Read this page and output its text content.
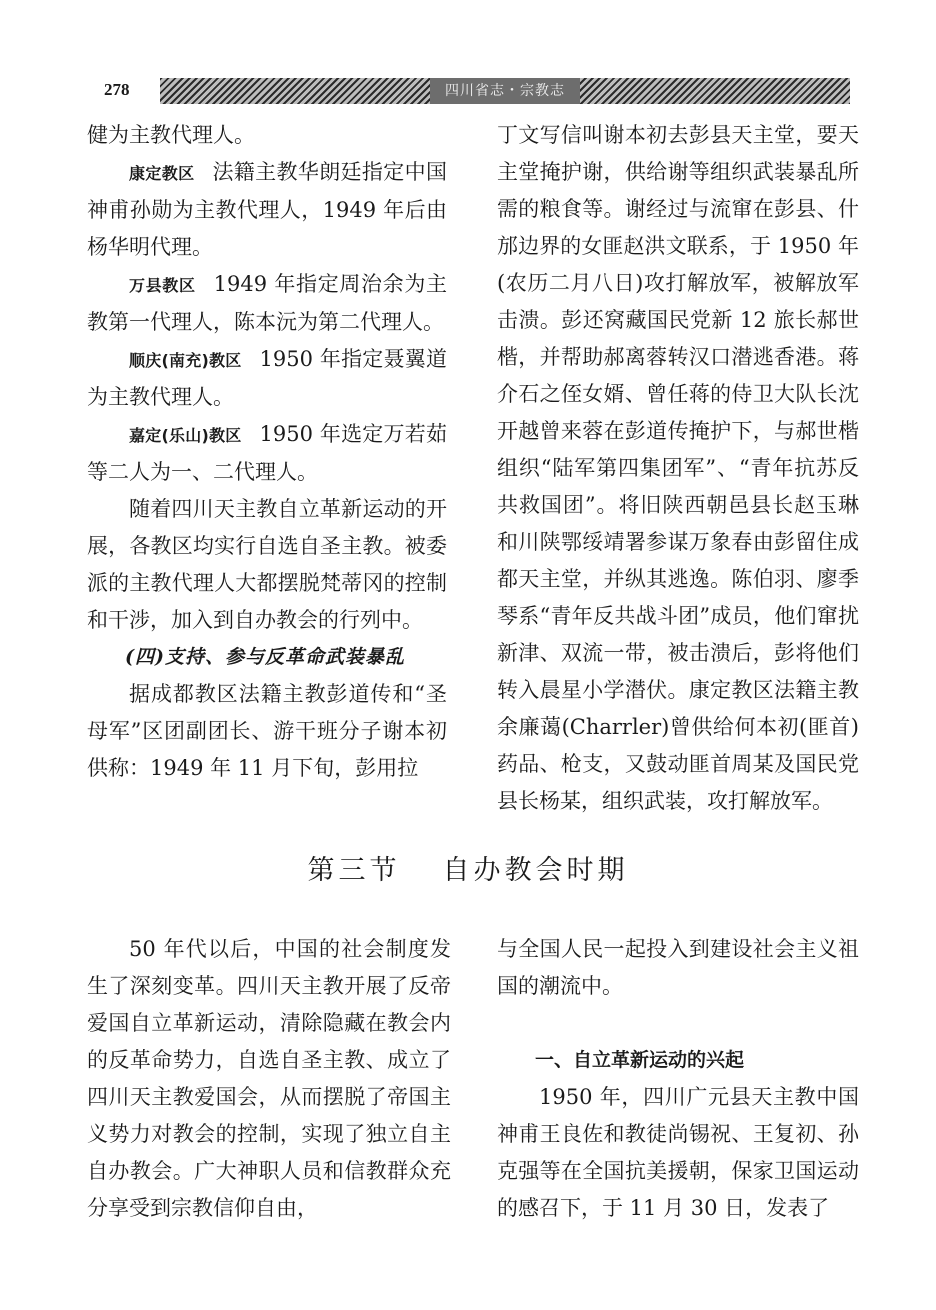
278	四川省志・宗教志

健为主教代理人。

康定教区 法籍主教华朗廷指定中国神甫孙勋为主教代理人，1949 年后由杨华明代理。

万县教区 1949 年指定周治余为主教第一代理人，陈本沅为第二代理人。

顺庆(南充)教区 1950 年指定聂翼道为主教代理人。

嘉定(乐山)教区 1950 年选定万若茹等二人为一、二代理人。

随着四川天主教自立革新运动的开展，各教区均实行自选自圣主教。被委派的主教代理人大都摆脱梵蒂冈的控制和干涉，加入到自办教会的行列中。

(四)支持、参与反革命武装暴乱

据成都教区法籍主教彭道传和“圣母军”区团副团长、游干班分子谢本初供称：1949 年 11 月下旬，彭用拉

丁文写信叫谢本初去彭县天主堂，要天主堂掩护谢，供给谢等组织武装暴乱所需的粮食等。谢经过与流窜在彭县、什邡边界的女匪赵洪文联系，于 1950 年(农历二月八日)攻打解放军，被解放军击溃。彭还窝藏国民党新 12 旅长郝世楷，并帮助郝离蓉转汉口潜逃香港。蒋介石之侄女婿、曾任蒋的侍卫大队长沈开越曾来蓉在彭道传掩护下，与郝世楷组织“陆军第四集团军”、“青年抗苏反共救国团”。将旧陕西朝邑县长赵玉琳和川陕鄂绥靖署参谋万象春由彭留住成都天主堂，并纵其逃逸。陈伯羽、廖季琴系“青年反共战斗团”成员，他们窜扰新津、双流一带，被击溃后，彭将他们转入晨星小学潜伏。康定教区法籍主教余廉蔼(Charrler)曾供给何本初(匪首)药品、枪支，又鼓动匪首周某及国民党县长杨某，组织武装，攻打解放军。

第三节 自办教会时期

50 年代以后，中国的社会制度发生了深刻变革。四川天主教开展了反帝爱国自立革新运动，清除隐藏在教会内的反革命势力，自选自圣主教、成立了四川天主教爱国会，从而摆脱了帝国主义势力对教会的控制，实现了独立自主自办教会。广大神职人员和信教群众充分享受到宗教信仰自由，

与全国人民一起投入到建设社会主义祖国的潮流中。

一、自立革新运动的兴起

1950 年，四川广元县天主教中国神甫王良佐和教徒尚锡祝、王复初、孙克强等在全国抗美援朝，保家卫国运动的感召下，于 11 月 30 日，发表了
